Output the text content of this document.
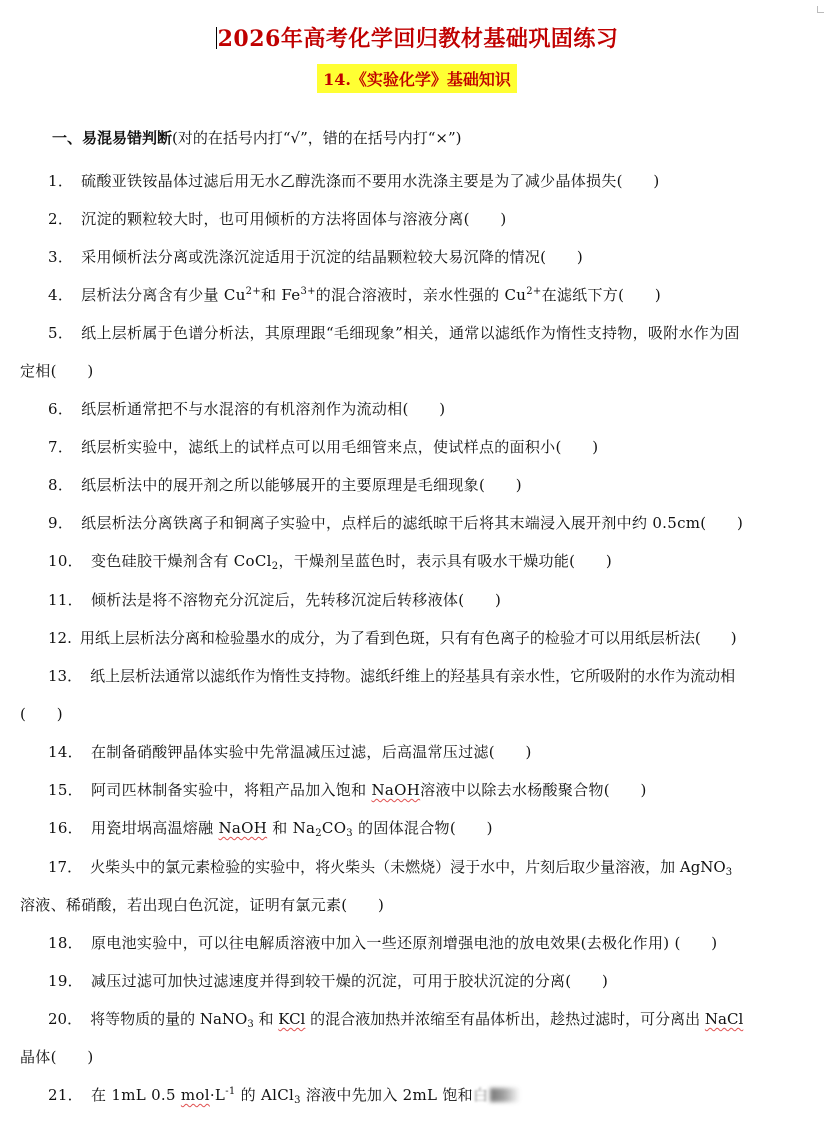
2026年高考化学回归教材基础巩固练习
14.《实验化学》基础知识
一、易混易错判断(对的在括号内打“√”，错的在括号内打“×”)
1． 硫酸亚铁铵晶体过滤后用无水乙醇洗涤而不要用水洗涤主要是为了减少晶体损失(　　)
2． 沉淀的颗粒较大时，也可用倾析的方法将固体与溶液分离(　　)
3． 采用倾析法分离或洗涤沉淀适用于沉淀的结晶颗粒较大易沉降的情况(　　)
4． 层析法分离含有少量 $Cu^{2+}$和 $Fe^{3+}$的混合溶液时，亲水性强的 $Cu^{2+}$在滤纸下方(　　)
5． 纸上层析属于色谱分析法，其原理跟“毛细现象”相关，通常以滤纸作为惰性支持物，吸附水作为固
定相(　　)
6． 纸层析通常把不与水混溶的有机溶剂作为流动相(　　)
7． 纸层析实验中，滤纸上的试样点可以用毛细管来点，使试样点的面积小(　　)
8． 纸层析法中的展开剂之所以能够展开的主要原理是毛细现象(　　)
9． 纸层析法分离铁离子和铜离子实验中，点样后的滤纸晾干后将其末端浸入展开剂中约 0.5cm(　　)
10． 变色硅胶干燥剂含有 CoCl$_2$，干燥剂呈蓝色时，表示具有吸水干燥功能(　　)
11． 倾析法是将不溶物充分沉淀后，先转移沉淀后转移液体(　　)
12. 用纸上层析法分离和检验墨水的成分，为了看到色斑，只有有色离子的检验才可以用纸层析法(　　)
13． 纸上层析法通常以滤纸作为惰性支持物。滤纸纤维上的羟基具有亲水性，它所吸附的水作为流动相
(　　)
14． 在制备硝酸钾晶体实验中先常温减压过滤，后高温常压过滤(　　)
15． 阿司匹林制备实验中，将粗产品加入饱和 NaOH溶液中以除去水杨酸聚合物(　　)
16． 用瓷坩埚高温熔融 NaOH 和 $Na_2CO_3$ 的固体混合物(　　)
17． 火柴头中的氯元素检验的实验中，将火柴头（未燃烧）浸于水中，片刻后取少量溶液，加 AgNO$_3$
溶液、稀硝酸，若出现白色沉淀，证明有氯元素(　　)
18． 原电池实验中，可以往电解质溶液中加入一些还原剂增强电池的放电效果(去极化作用) (　　)
19． 减压过滤可加快过滤速度并得到较干燥的沉淀，可用于胶状沉淀的分离(　　)
20． 将等物质的量的 NaNO$_3$ 和 KCl 的混合液加热并浓缩至有晶体析出，趁热过滤时，可分离出 NaCl
晶体(　　)
21． 在 1mL 0.5 $mol\cdot L^{-1}$ 的 AlCl$_3$ 溶液中先加入 2mL 饱和白
